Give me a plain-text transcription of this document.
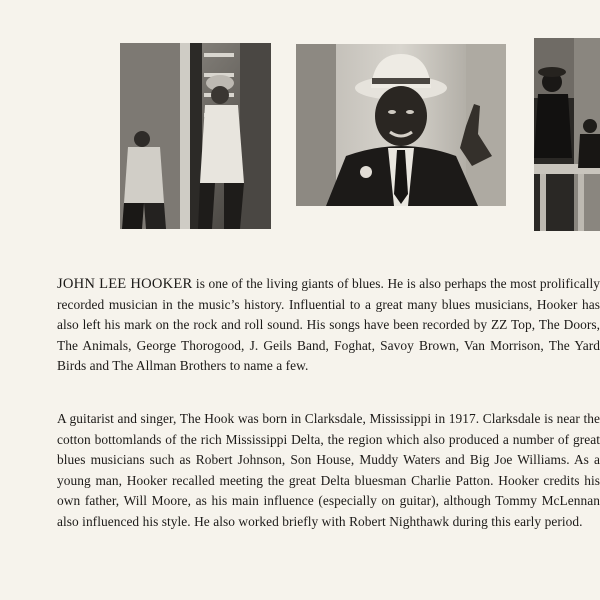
JOHN LEE HOOKER is one of the living giants of blues. He is also perhaps the most prolifically recorded musician in the music’s history. Influential to a great many blues musicians, Hooker has also left his mark on the rock and roll sound. His songs have been recorded by ZZ Top, The Doors, The Animals, George Thorogood, J. Geils Band, Foghat, Savoy Brown, Van Morrison, The Yard Birds and The Allman Brothers to name a few.

A guitarist and singer, The Hook was born in Clarksdale, Mississippi in 1917. Clarksdale is near the cotton bottomlands of the rich Mississippi Delta, the region which also produced a number of great blues musicians such as Robert Johnson, Son House, Muddy Waters and Big Joe Williams. As a young man, Hooker recalled meeting the great Delta bluesman Charlie Patton. Hooker credits his own father, Will Moore, as his main influence (especially on guitar), although Tommy McLennan also influenced his style. He also worked briefly with Robert Nighthawk during this early period.
